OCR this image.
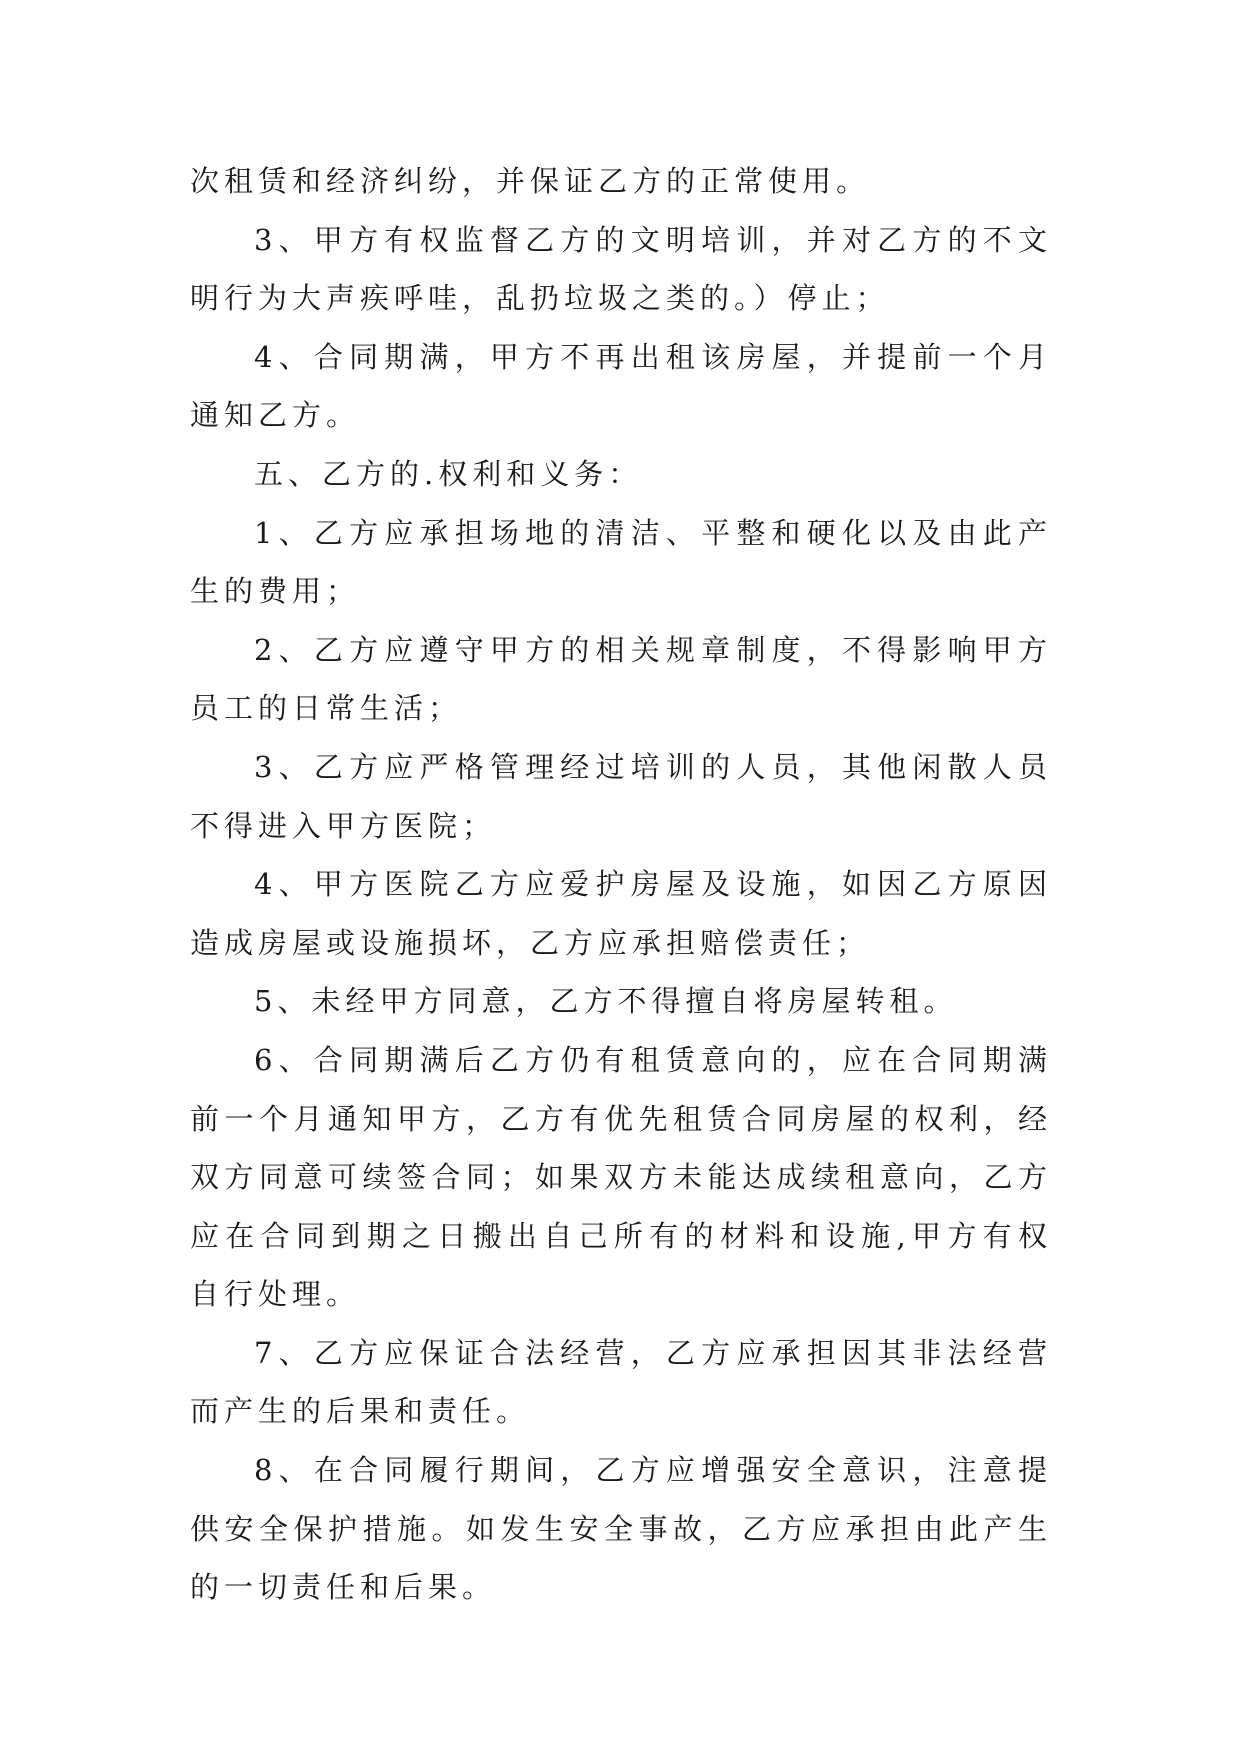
次租赁和经济纠纷，并保证乙方的正常使用。

3、甲方有权监督乙方的文明培训，并对乙方的不文明行为大声疾呼哇，乱扔垃圾之类的。）停止；

4、合同期满，甲方不再出租该房屋，并提前一个月通知乙方。

五、乙方的.权利和义务：

1、乙方应承担场地的清洁、平整和硬化以及由此产生的费用；

2、乙方应遵守甲方的相关规章制度，不得影响甲方员工的日常生活；

3、乙方应严格管理经过培训的人员，其他闲散人员不得进入甲方医院；

4、甲方医院乙方应爱护房屋及设施，如因乙方原因造成房屋或设施损坏，乙方应承担赔偿责任；

5、未经甲方同意，乙方不得擅自将房屋转租。

6、合同期满后乙方仍有租赁意向的，应在合同期满前一个月通知甲方，乙方有优先租赁合同房屋的权利，经双方同意可续签合同；如果双方未能达成续租意向，乙方应在合同到期之日搬出自己所有的材料和设施,甲方有权自行处理。

7、乙方应保证合法经营，乙方应承担因其非法经营而产生的后果和责任。

8、在合同履行期间，乙方应增强安全意识，注意提供安全保护措施。如发生安全事故，乙方应承担由此产生的一切责任和后果。
